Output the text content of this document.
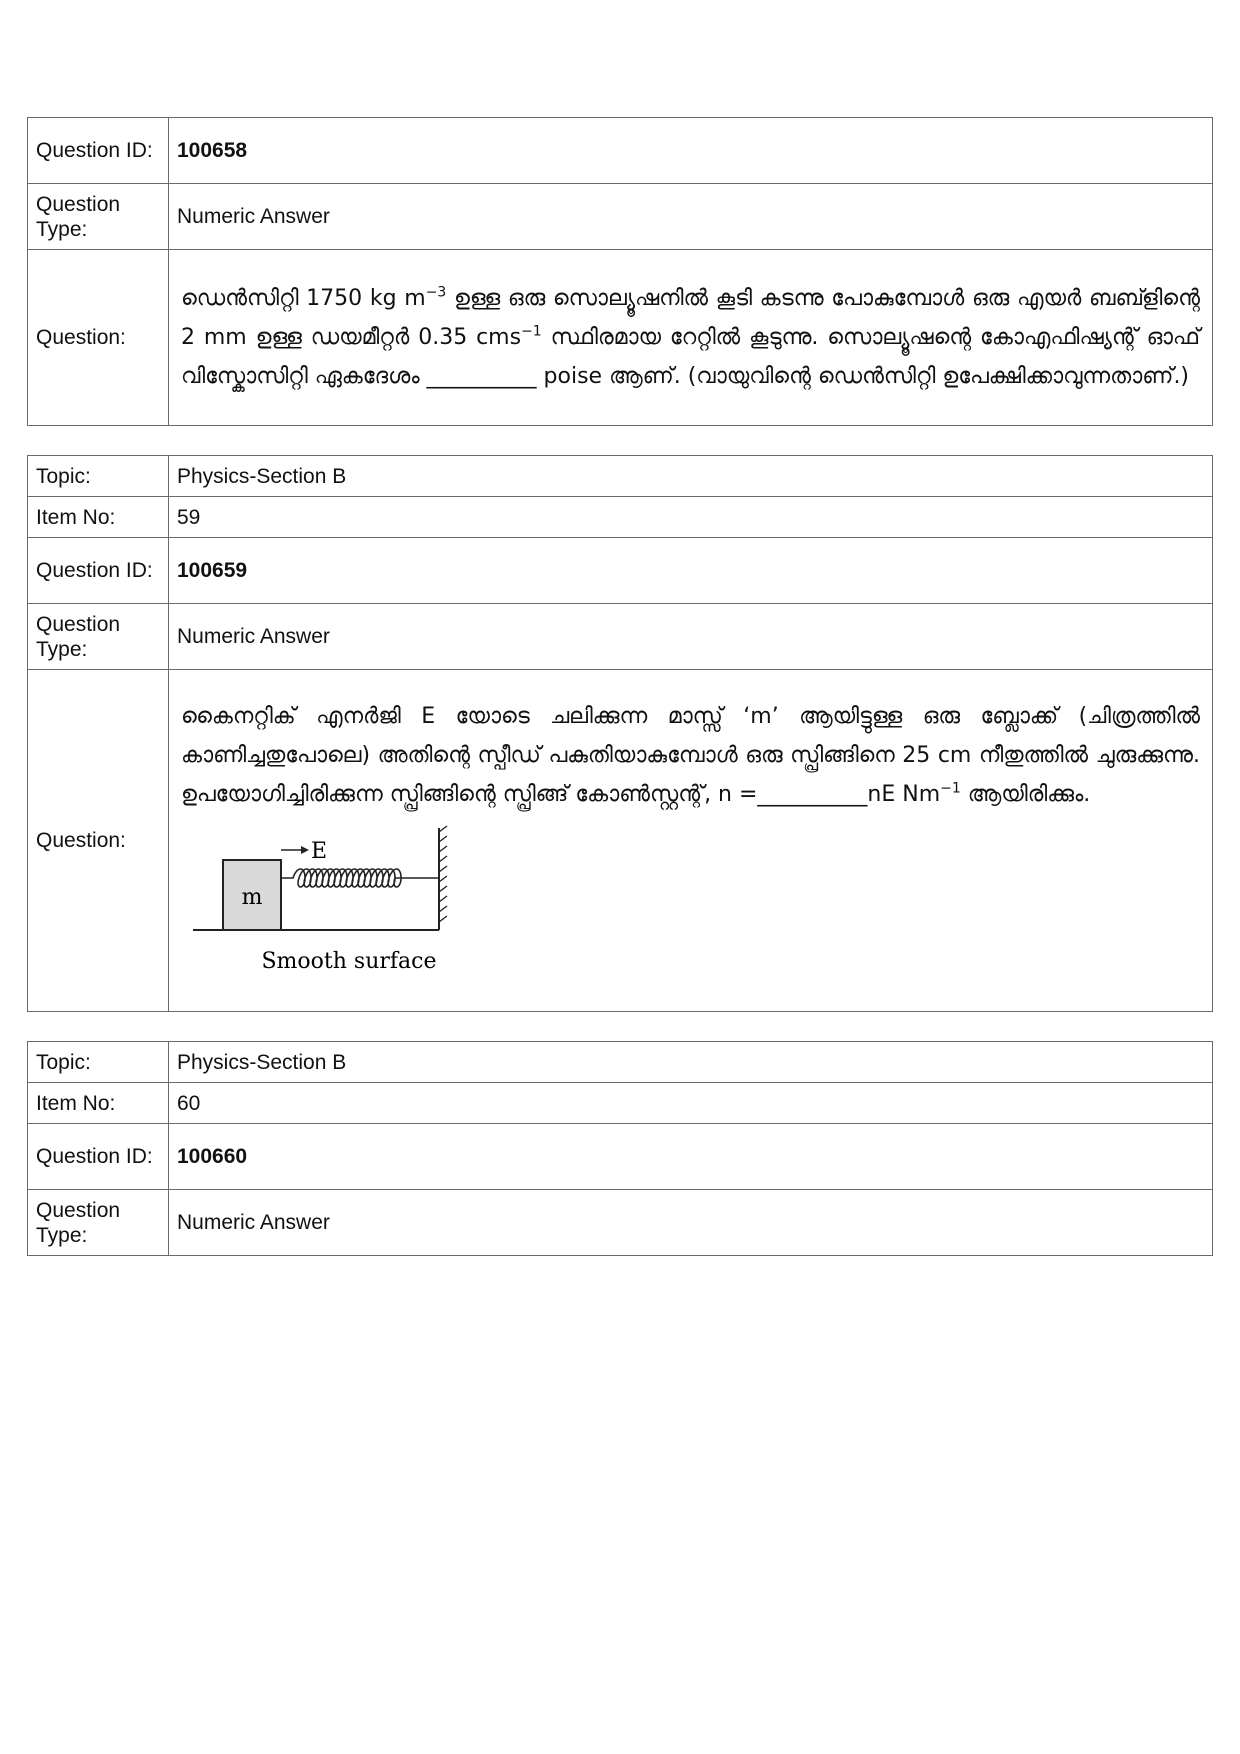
Question ID:	100658
Question Type:	Numeric Answer
Question:	ഡെൻസിറ്റി 1750 kg $m^{-3}$ ഉള്ള ഒരു സൊല്യൂഷനിൽ കൂടി കടന്നു പോകുമ്പോൾ ഒരു എയർ ബബ്ളിന്റെ 2 mm ഉള്ള ഡയമീറ്റർ 0.35 cms$^{-1}$ സ്ഥിരമായ റേറ്റിൽ കൂടുന്നു. സൊല്യൂഷന്റെ കോഎഫിഷ്യന്റ് ഓഫ് വിസ്കോസിറ്റി ഏകദേശം __________ poise ആണ്. (വായുവിന്റെ ഡെൻസിറ്റി ഉപേക്ഷിക്കാവുന്നതാണ്.)
Topic:	Physics-Section B
Item No:	59
Question ID:	100659
Question Type:	Numeric Answer
Question:	കൈനറ്റിക് എനർജി E യോടെ ചലിക്കുന്ന മാസ്സ് ‘m’ ആയിട്ടുള്ള ഒരു ബ്ലോക്ക് (ചിത്രത്തിൽ കാണിച്ചതുപോലെ) അതിന്റെ സ്പീഡ് പകുതിയാകുമ്പോൾ ഒരു സ്പ്രിങ്ങിനെ 25 cm നീതുത്തിൽ ചുരുക്കുന്നു. ഉപയോഗിച്ചിരിക്കുന്ന സ്പ്രിങ്ങിന്റെ സ്പ്രിങ്ങ് കോൺസ്റ്റന്റ്, n =__________nE $Nm^{-1}$ ആയിരിക്കും.
m
E
Smooth surface
Topic:	Physics-Section B
Item No:	60
Question ID:	100660
Question Type:	Numeric Answer
